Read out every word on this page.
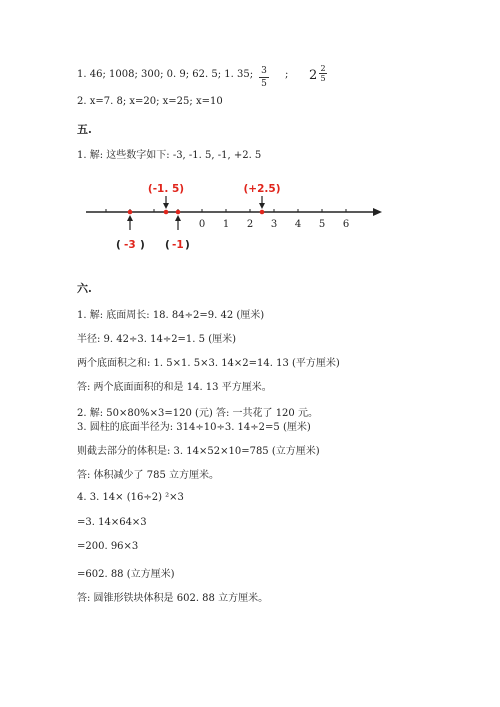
1. 46; 1008; 300; 0. 9; 62. 5; 1. 35; 3
5
; 2 2
5
2. x=7. 8; x=20; x=25; x=10
五.
1. 解: 这些数字如下: -3, -1. 5, -1, +2. 5
0 1 2 3 4 5 6
(-1. 5)	(+2.5)
( -3 ) ( -1 )
六.
1. 解: 底面周长: 18. 84÷2=9. 42 (厘米)
半径: 9. 42÷3. 14÷2=1. 5 (厘米)
两个底面积之和: 1. 5×1. 5×3. 14×2=14. 13 (平方厘米)
答: 两个底面面积的和是 14. 13 平方厘米。
2. 解: 50×80%×3=120 (元) 答: 一共花了 120 元。
3. 圆柱的底面半径为: 314÷10÷3. 14÷2=5 (厘米)
则截去部分的体积是: 3. 14×52×10=785 (立方厘米)
答: 体积减少了 785 立方厘米。
4. 3. 14× (16÷2) ²×3
=3. 14×64×3
=200. 96×3
=602. 88 (立方厘米)
答: 圆锥形铁块体积是 602. 88 立方厘米。
